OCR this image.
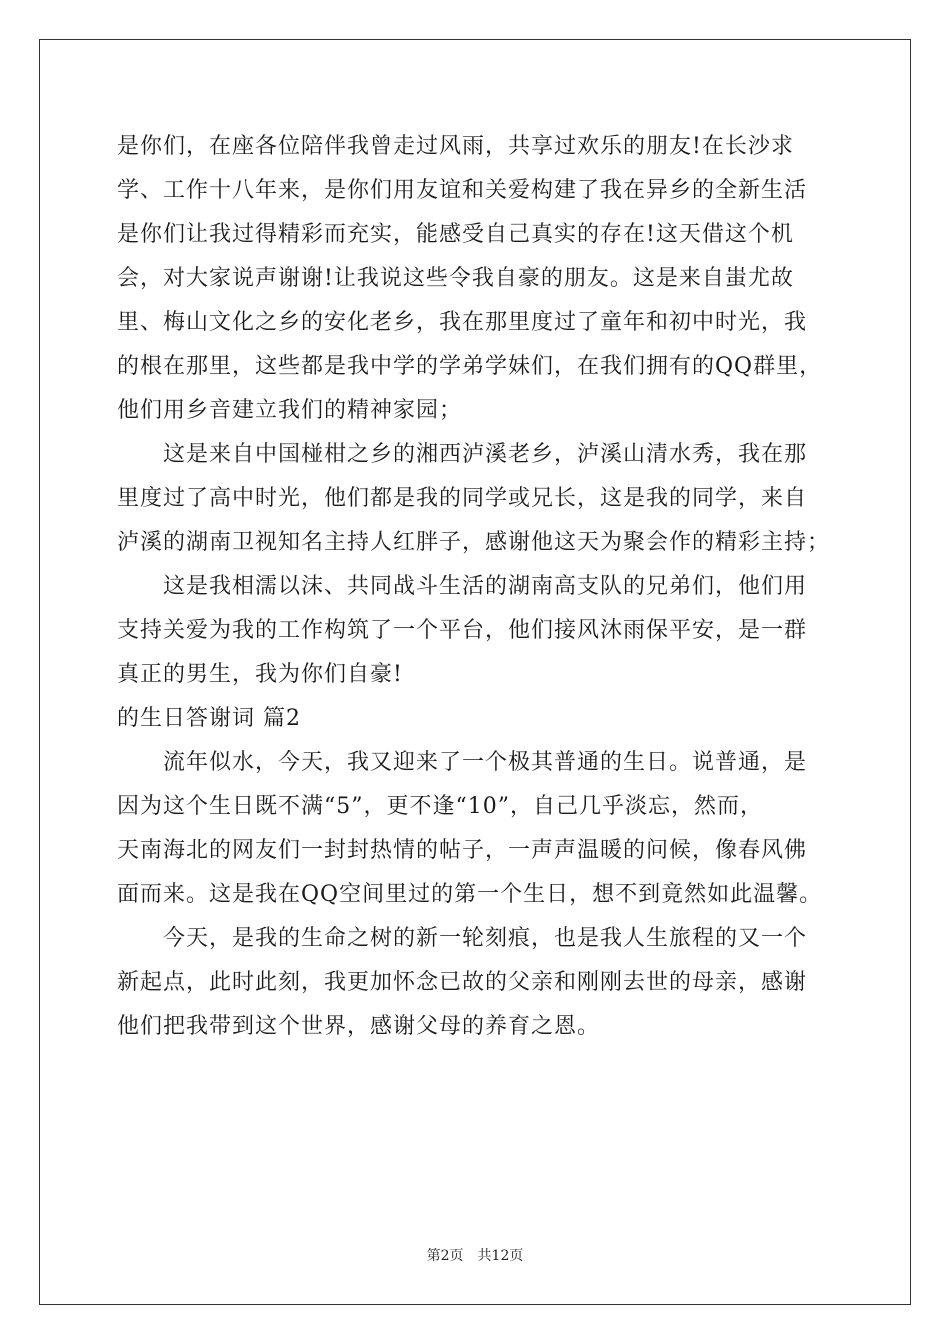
是你们，在座各位陪伴我曾走过风雨，共享过欢乐的朋友!在长沙求
学、工作十八年来，是你们用友谊和关爱构建了我在异乡的全新生活
是你们让我过得精彩而充实，能感受自己真实的存在!这天借这个机
会，对大家说声谢谢!让我说这些令我自豪的朋友。这是来自蚩尤故
里、梅山文化之乡的安化老乡，我在那里度过了童年和初中时光，我
的根在那里，这些都是我中学的学弟学妹们，在我们拥有的QQ群里，
他们用乡音建立我们的精神家园；
这是来自中国椪柑之乡的湘西泸溪老乡，泸溪山清水秀，我在那
里度过了高中时光，他们都是我的同学或兄长，这是我的同学，来自
泸溪的湖南卫视知名主持人红胖子，感谢他这天为聚会作的精彩主持；
这是我相濡以沫、共同战斗生活的湖南高支队的兄弟们，他们用
支持关爱为我的工作构筑了一个平台，他们接风沐雨保平安，是一群
真正的男生，我为你们自豪!
的生日答谢词 篇2
流年似水，今天，我又迎来了一个极其普通的生日。说普通，是
因为这个生日既不满“5”，更不逢“10”，自己几乎淡忘，然而，
天南海北的网友们一封封热情的帖子，一声声温暖的问候，像春风佛
面而来。这是我在QQ空间里过的第一个生日，想不到竟然如此温馨。
今天，是我的生命之树的新一轮刻痕，也是我人生旅程的又一个
新起点，此时此刻，我更加怀念已故的父亲和刚刚去世的母亲，感谢
他们把我带到这个世界，感谢父母的养育之恩。
第2页　共12页
